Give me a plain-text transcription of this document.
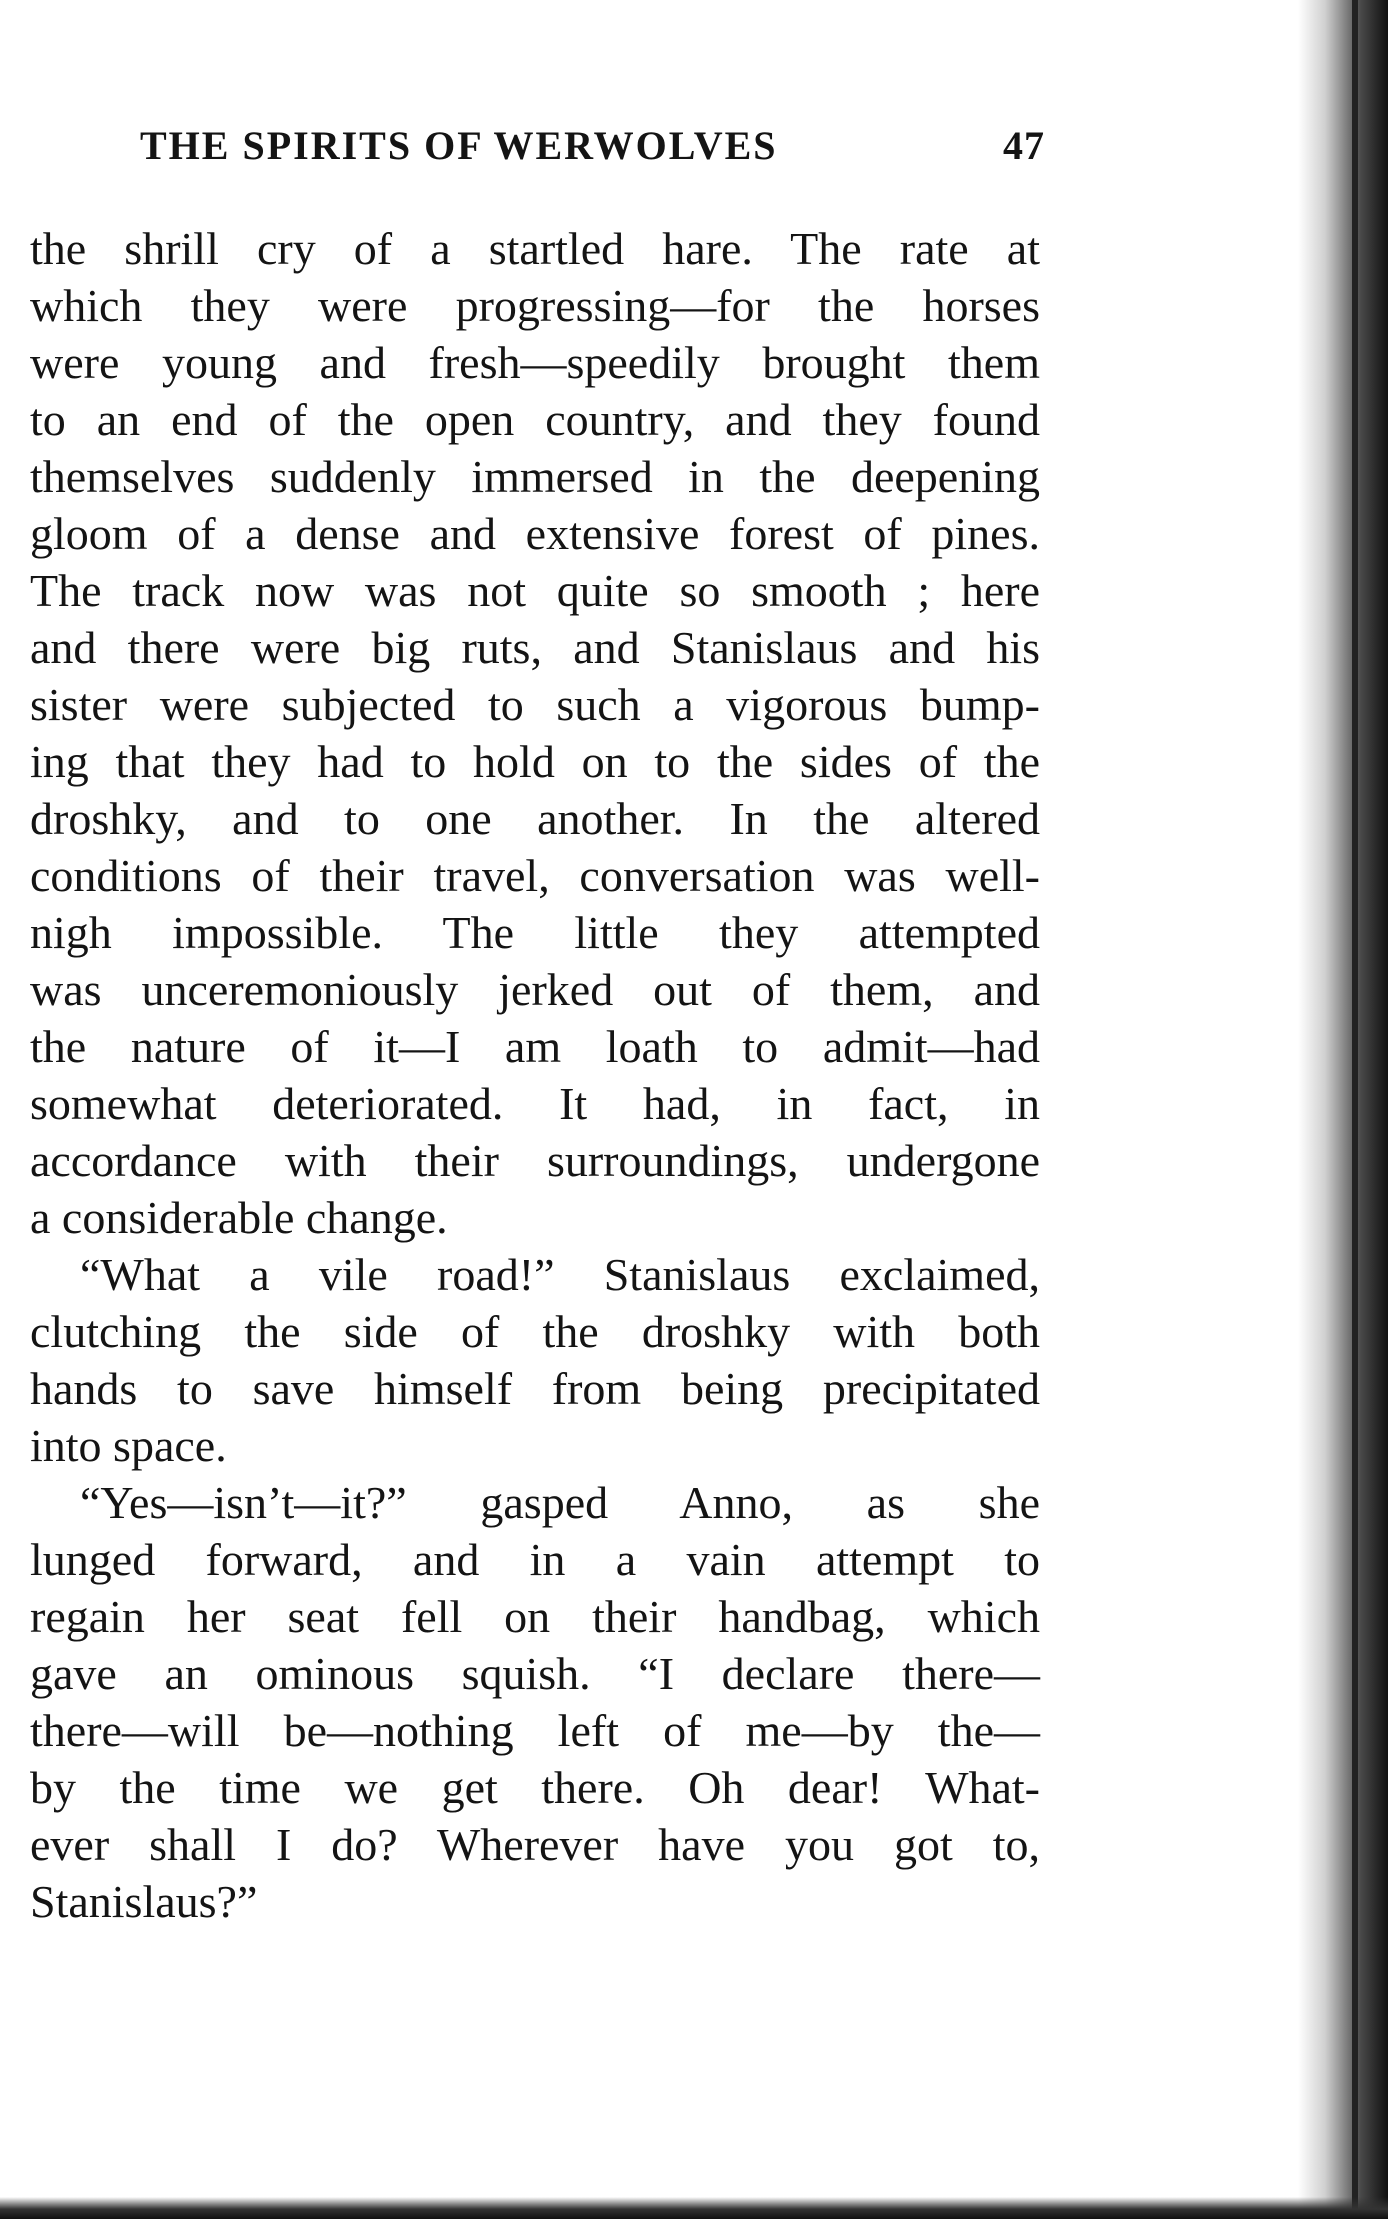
THE SPIRITS OF WERWOLVES	47
the shrill cry of a startled hare. The rate at
which they were progressing—for the horses
were young and fresh—speedily brought them
to an end of the open country, and they found
themselves suddenly immersed in the deepening
gloom of a dense and extensive forest of pines.
The track now was not quite so smooth ; here
and there were big ruts, and Stanislaus and his
sister were subjected to such a vigorous bump-
ing that they had to hold on to the sides of the
droshky, and to one another. In the altered
conditions of their travel, conversation was well-
nigh impossible. The little they attempted
was unceremoniously jerked out of them, and
the nature of it—I am loath to admit—had
somewhat deteriorated. It had, in fact, in
accordance with their surroundings, undergone
a considerable change.
“What a vile road!” Stanislaus exclaimed,
clutching the side of the droshky with both
hands to save himself from being precipitated
into space.
“Yes—isn’t—it?” gasped Anno, as she
lunged forward, and in a vain attempt to
regain her seat fell on their handbag, which
gave an ominous squish. “I declare there—
there—will be—nothing left of me—by the—
by the time we get there. Oh dear! What-
ever shall I do? Wherever have you got to,
Stanislaus?”
